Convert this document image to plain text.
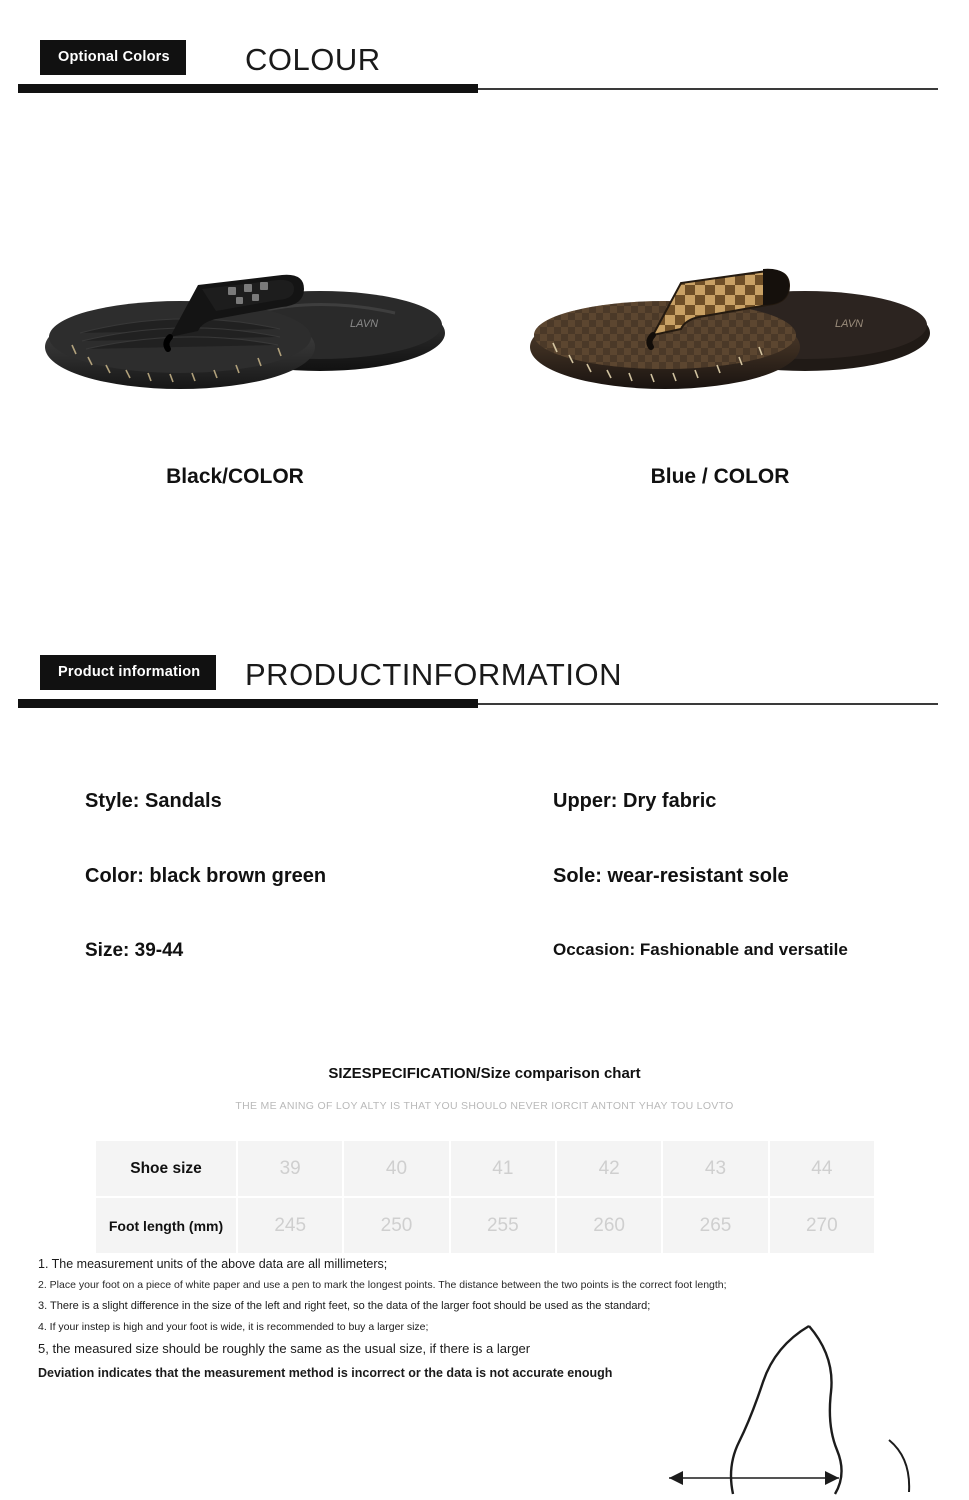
Optional Colors	COLOUR
LAVN
Black/COLOR
LAVN
Blue / COLOR
Product information	PRODUCTINFORMATION
Style: Sandals
Color: black brown green
Size: 39-44
Upper: Dry fabric
Sole: wear-resistant sole
Occasion: Fashionable and versatile
SIZESPECIFICATION/Size comparison chart
THE ME ANING OF LOY ALTY IS THAT YOU SHOULO NEVER IORCIT ANTONT YHAY TOU LOVTO
Shoe size	39	40	41	42	43	44
Foot length (mm)	245	250	255	260	265	270
1. The measurement units of the above data are all millimeters;
2. Place your foot on a piece of white paper and use a pen to mark the longest points. The distance between the two points is the correct foot length;
3. There is a slight difference in the size of the left and right feet, so the data of the larger foot should be used as the standard;
4. If your instep is high and your foot is wide, it is recommended to buy a larger size;
5, the measured size should be roughly the same as the usual size, if there is a larger
Deviation indicates that the measurement method is incorrect or the data is not accurate enough
